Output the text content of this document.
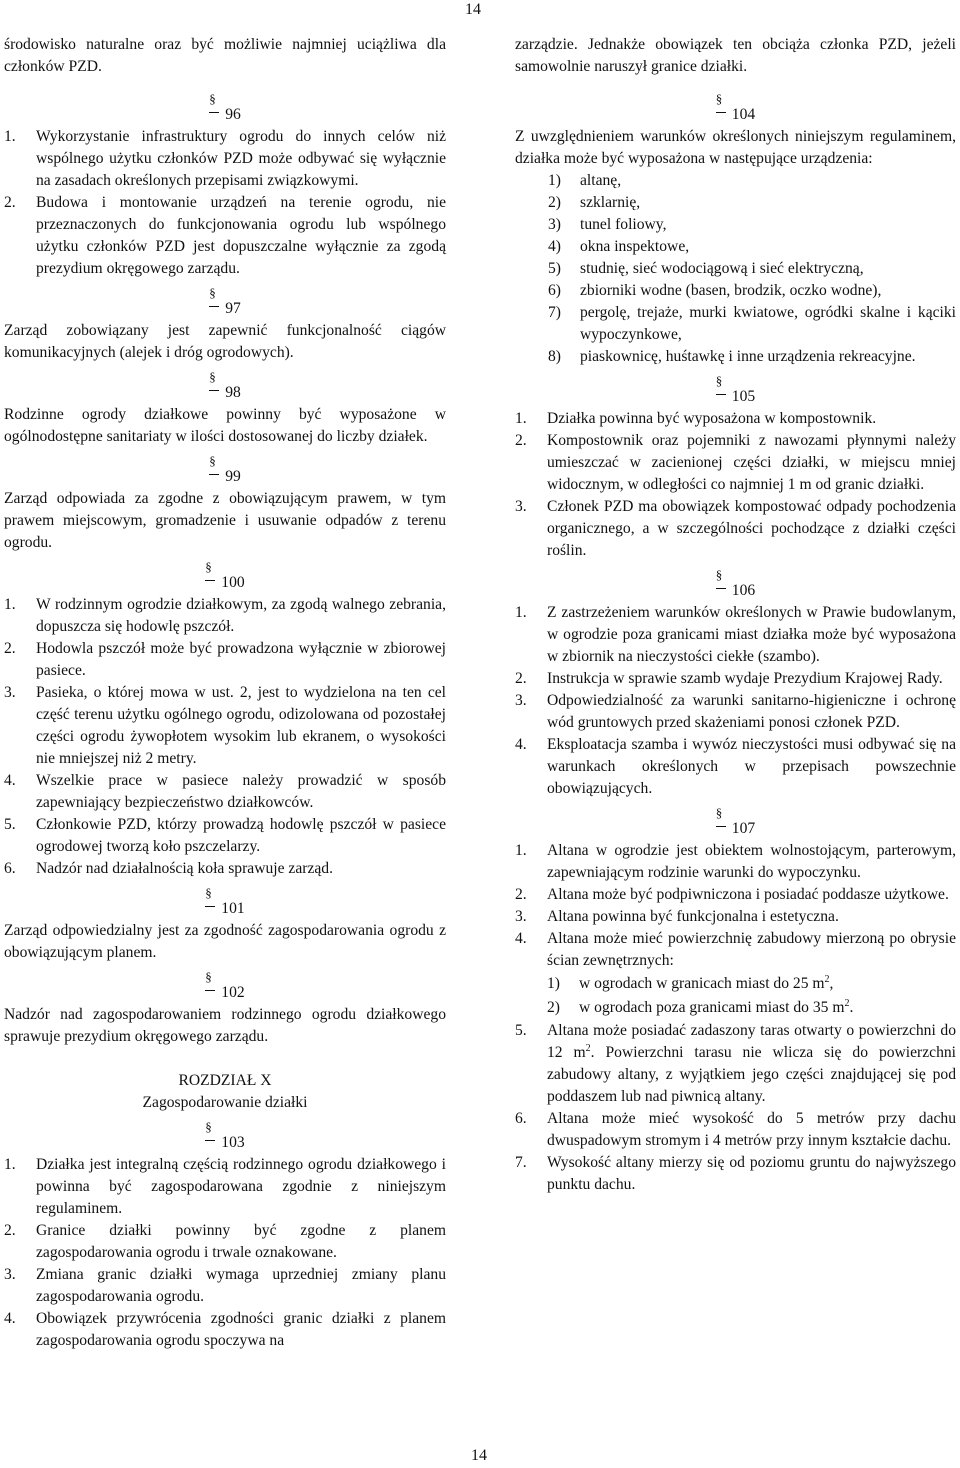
14

środowisko naturalne oraz być możliwie najmniej uciążliwa dla członków PZD.

§96
1.	Wykorzystanie infrastruktury ogrodu do innych celów niż wspólnego użytku członków PZD może odbywać się wyłącznie na zasadach określonych przepisami związkowymi.
2.	Budowa i montowanie urządzeń na terenie ogrodu, nie przeznaczonych do funkcjonowania ogrodu lub wspólnego użytku członków PZD jest dopuszczalne wyłącznie za zgodą prezydium okręgowego zarządu.
§97

Zarząd zobowiązany jest zapewnić funkcjonalność ciągów komunikacyjnych (alejek i dróg ogrodowych).

§98

Rodzinne ogrody działkowe powinny być wyposażone w ogólnodostępne sanitariaty w ilości dostosowanej do liczby działek.

§99

Zarząd odpowiada za zgodne z obowiązującym prawem, w tym prawem miejscowym, gromadzenie i usuwanie odpadów z terenu ogrodu.

§100
1.	W rodzinnym ogrodzie działkowym, za zgodą walnego zebrania, dopuszcza się hodowlę pszczół.
2.	Hodowla pszczół może być prowadzona wyłącznie w zbiorowej pasiece.
3.	Pasieka, o której mowa w ust. 2, jest to wydzielona na ten cel część terenu użytku ogólnego ogrodu, odizolowana od pozostałej części ogrodu żywopłotem wysokim lub ekranem, o wysokości nie mniejszej niż 2 metry.
4.	Wszelkie prace w pasiece należy prowadzić w sposób zapewniający bezpieczeństwo działkowców.
5.	Członkowie PZD, którzy prowadzą hodowlę pszczół w pasiece ogrodowej tworzą koło pszczelarzy.
6.	Nadzór nad działalnością koła sprawuje zarząd.
§101

Zarząd odpowiedzialny jest za zgodność zagospodarowania ogrodu z obowiązującym planem.

§102

Nadzór nad zagospodarowaniem rodzinnego ogrodu działkowego sprawuje prezydium okręgowego zarządu.

ROZDZIAŁ X
Zagospodarowanie działki
§103
1.	Działka jest integralną częścią rodzinnego ogrodu działkowego i powinna być zagospodarowana zgodnie z niniejszym regulaminem.
2.	Granice działki powinny być zgodne z planem zagospodarowania ogrodu i trwale oznakowane.
3.	Zmiana granic działki wymaga uprzedniej zmiany planu zagospodarowania ogrodu.
4.	Obowiązek przywrócenia zgodności granic działki z planem zagospodarowania ogrodu spoczywa na

zarządzie. Jednakże obowiązek ten obciąża członka PZD, jeżeli samowolnie naruszył granice działki.

§104

Z uwzględnieniem warunków określonych niniejszym regulaminem, działka może być wyposażona w następujące urządzenia:

1)	altanę,
2)	szklarnię,
3)	tunel foliowy,
4)	okna inspektowe,
5)	studnię, sieć wodociągową i sieć elektryczną,
6)	zbiorniki wodne (basen, brodzik, oczko wodne),
7)	pergolę, trejaże, murki kwiatowe, ogródki skalne i kąciki wypoczynkowe,
8)	piaskownicę, huśtawkę i inne urządzenia rekreacyjne.
§105
1.	Działka powinna być wyposażona w kompostownik.
2.	Kompostownik oraz pojemniki z nawozami płynnymi należy umieszczać w zacienionej części działki, w miejscu mniej widocznym, w odległości co najmniej 1 m od granic działki.
3.	Członek PZD ma obowiązek kompostować odpady pochodzenia organicznego, a w szczególności pochodzące z działki części roślin.
§106
1.	Z zastrzeżeniem warunków określonych w Prawie budowlanym, w ogrodzie poza granicami miast działka może być wyposażona w zbiornik na nieczystości ciekłe (szambo).
2.	Instrukcja w sprawie szamb wydaje Prezydium Krajowej Rady.
3.	Odpowiedzialność za warunki sanitarno-higieniczne i ochronę wód gruntowych przed skażeniami ponosi członek PZD.
4.	Eksploatacja szamba i wywóz nieczystości musi odbywać się na warunkach określonych w przepisach powszechnie obowiązujących.
§107
1.	Altana w ogrodzie jest obiektem wolnostojącym, parterowym, zapewniającym rodzinie warunki do wypoczynku.
2.	Altana może być podpiwniczona i posiadać poddasze użytkowe.
3.	Altana powinna być funkcjonalna i estetyczna.
4.	Altana może mieć powierzchnię zabudowy mierzoną po obrysie ścian zewnętrznych:
1)	w ogrodach w granicach miast do 25 $m^2$,
2)	w ogrodach poza granicami miast do 35 $m^2$.
5.	Altana może posiadać zadaszony taras otwarty o powierzchni do 12 $m^2$. Powierzchni tarasu nie wlicza się do powierzchni zabudowy altany, z wyjątkiem jego części znajdującej się pod poddaszem lub nad piwnicą altany.
6.	Altana może mieć wysokość do 5 metrów przy dachu dwuspadowym stromym i 4 metrów przy innym kształcie dachu.
7.	Wysokość altany mierzy się od poziomu gruntu do najwyższego punktu dachu.
14
